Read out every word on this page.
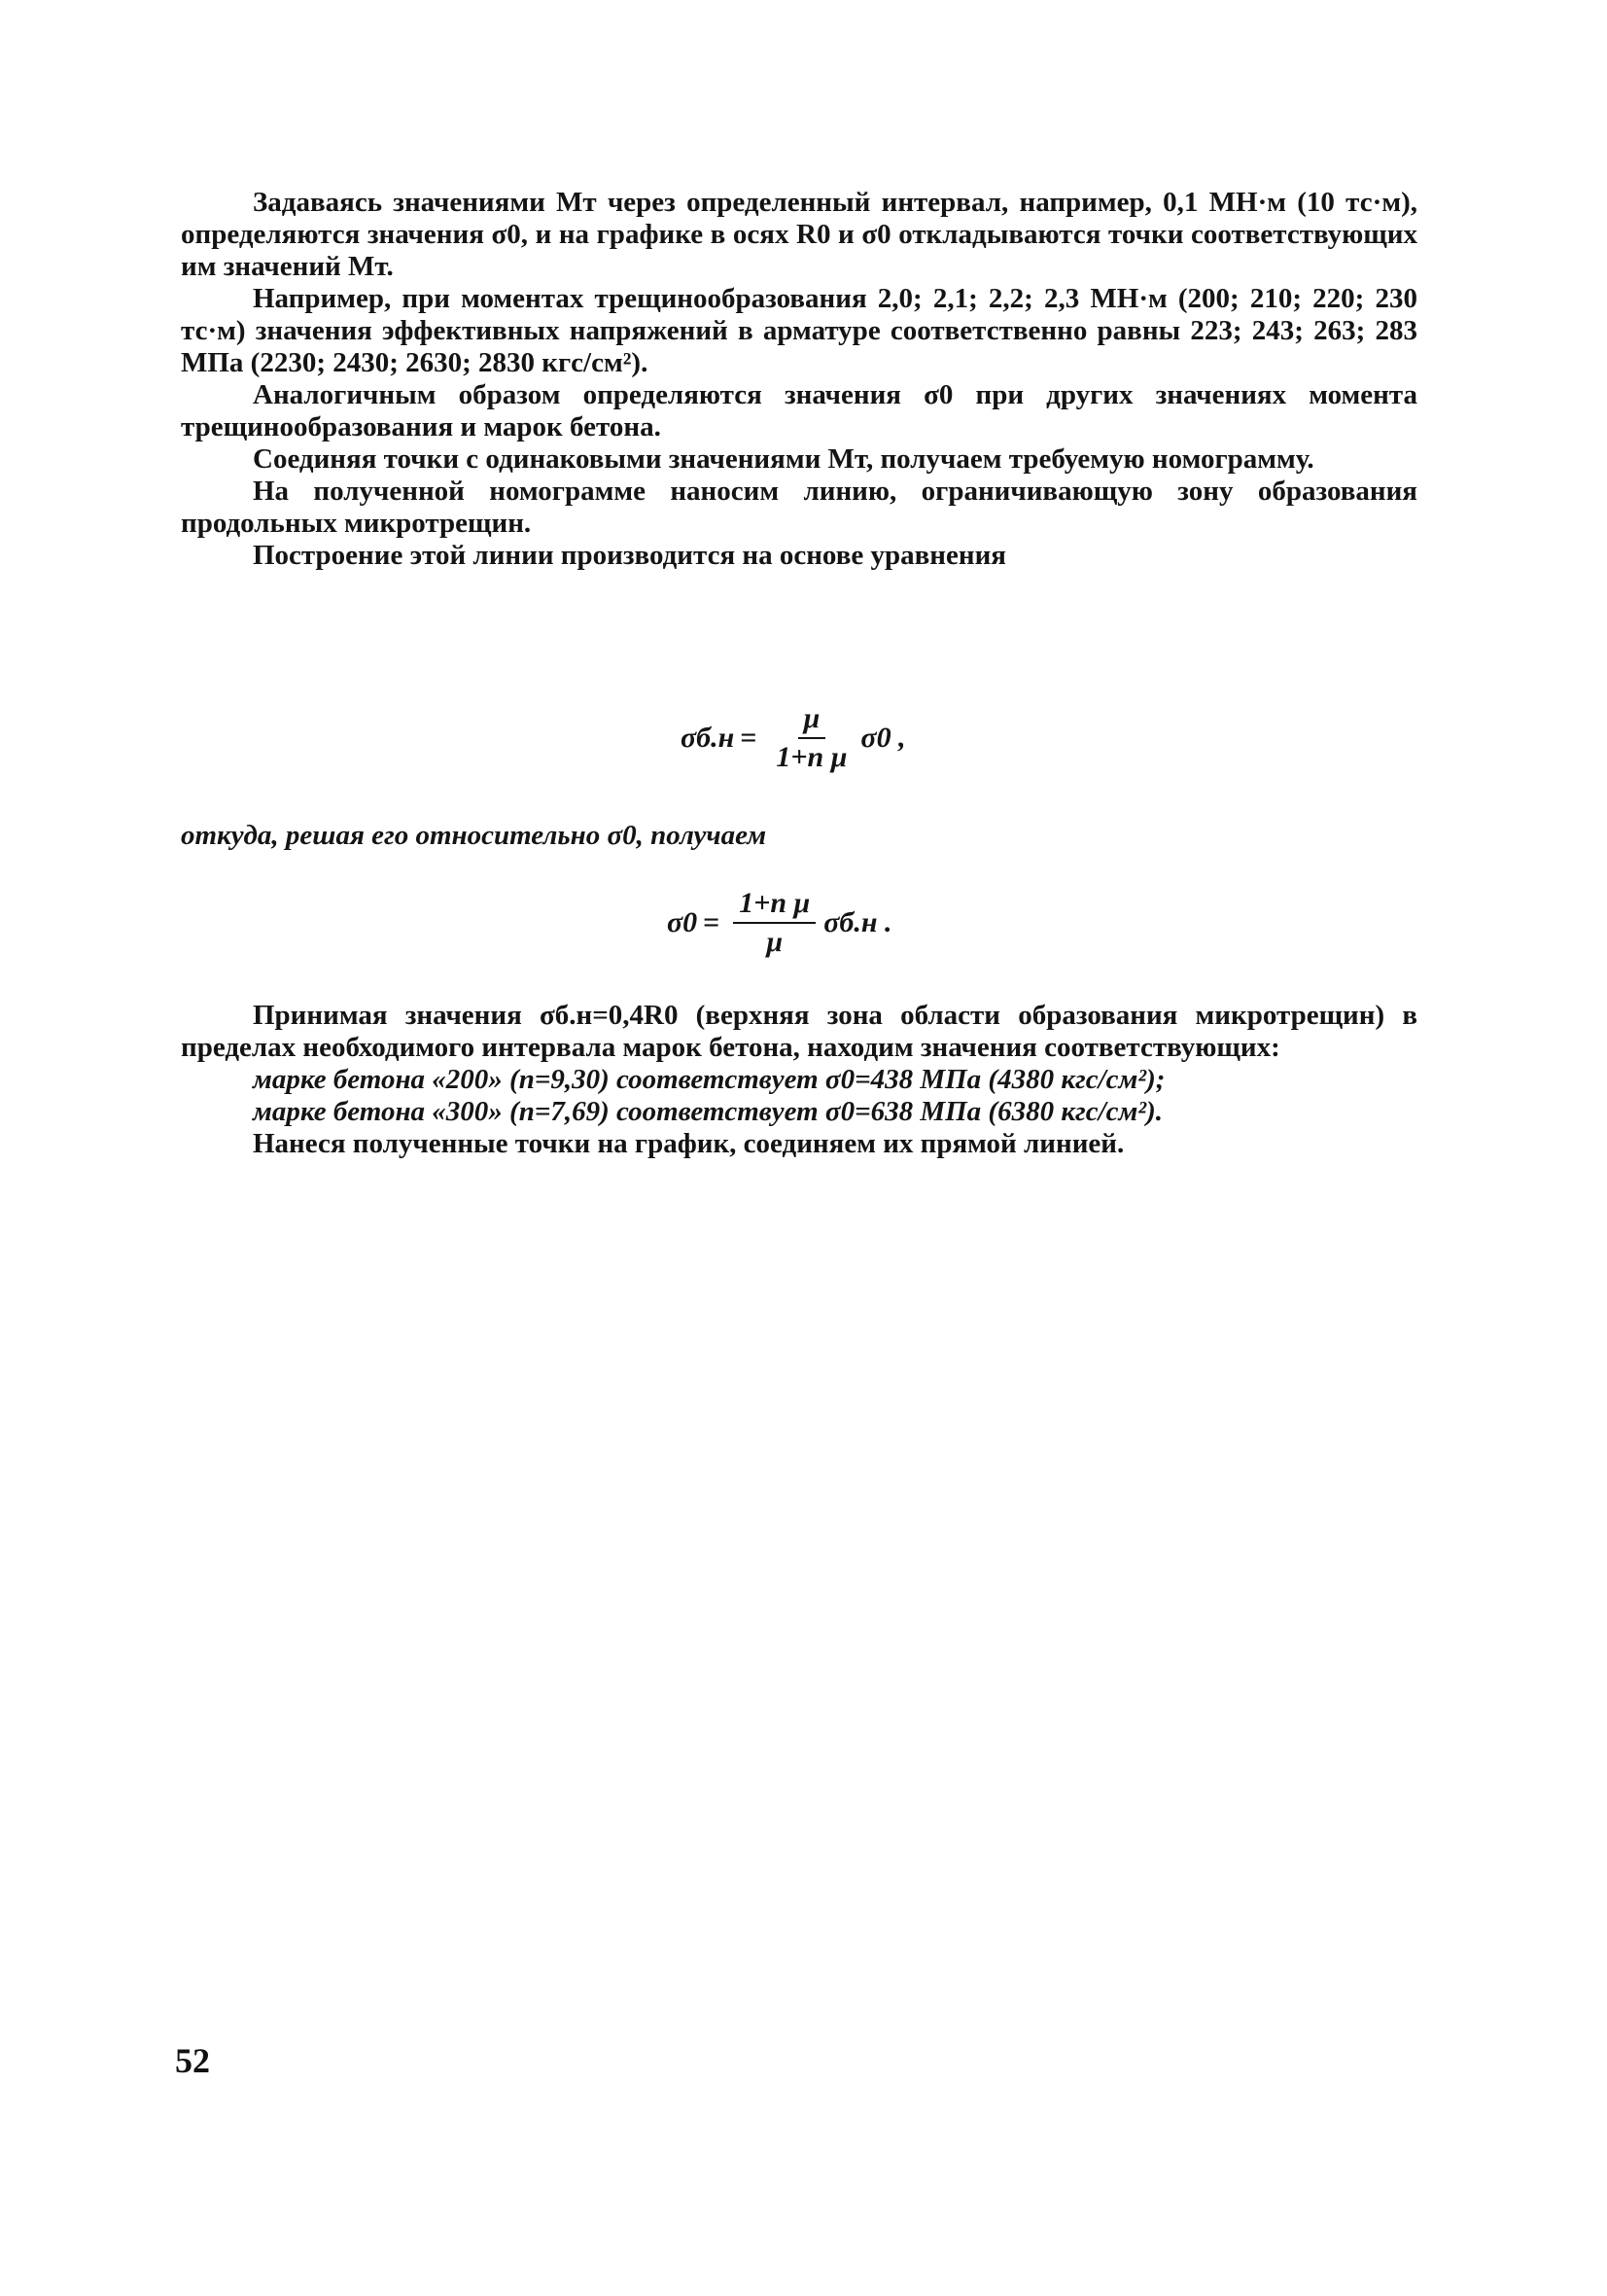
Задаваясь значениями Mт через определенный интервал, например, 0,1 МН·м (10 тс·м), определяются значения σ0, и на графике в осях R0 и σ0 откладываются точки соответствующих им значений Mт.

Например, при моментах трещинообразования 2,0; 2,1; 2,2; 2,3 МН·м (200; 210; 220; 230 тс·м) значения эффективных напряжений в арматуре соответственно равны 223; 243; 263; 283 МПа (2230; 2430; 2630; 2830 кгс/см²).

Аналогичным образом определяются значения σ0 при других значениях момента трещинообразования и марок бетона.

Соединяя точки с одинаковыми значениями Mт, получаем требуемую номограмму.

На полученной номограмме наносим линию, ограничивающую зону образования продольных микротрещин.

Построение этой линии производится на основе уравнения

$\sigma б.н = \frac{\mu}{\text{1+n μ}} \sigma 0$ ,
откуда, решая его относительно σ0, получаем
$\sigma 0 = \frac{\text{1+n μ}}{\mu} \sigma б.н$ .

Принимая значения σб.н=0,4R0 (верхняя зона области образования микротрещин) в пределах необходимого интервала марок бетона, находим значения соответствующих:

марке бетона «200» (n=9,30) соответствует σ0=438 МПа (4380 кгс/см²);

марке бетона «300» (n=7,69) соответствует σ0=638 МПа (6380 кгс/см²).

Нанеся полученные точки на график, соединяем их прямой линией.

52
